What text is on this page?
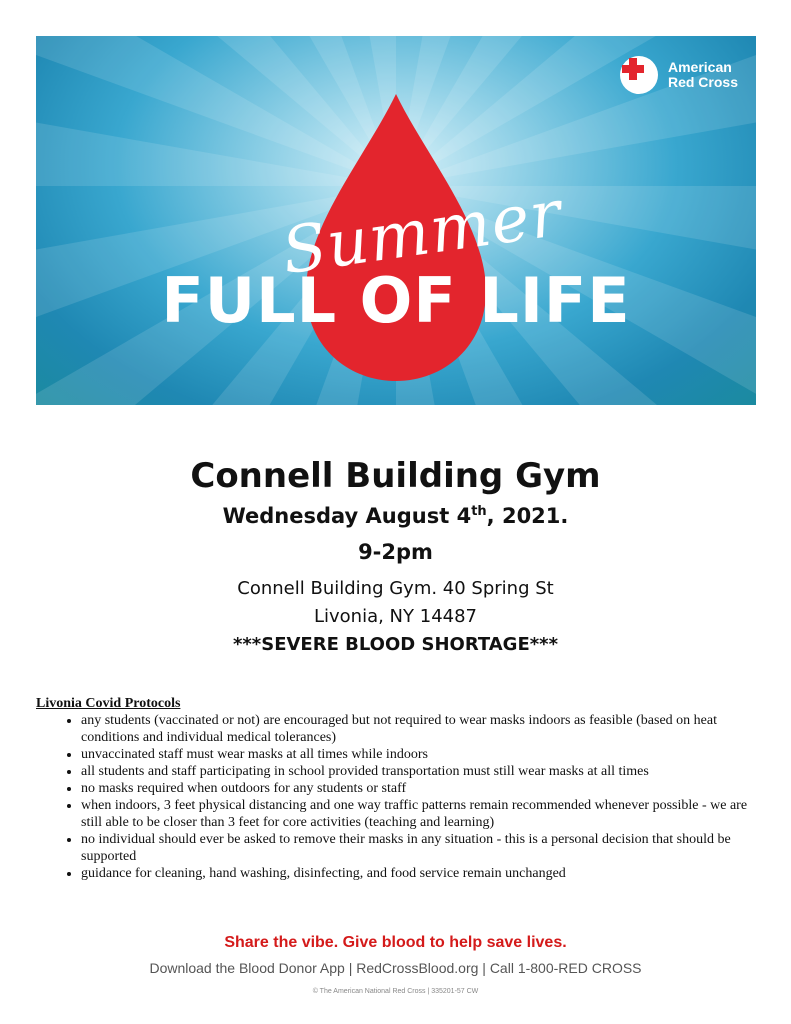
American
Red Cross
Summer
FULL OF LIFE
Connell Building Gym
Wednesday August 4th, 2021.
9-2pm
Connell Building Gym. 40 Spring St
Livonia, NY 14487
***SEVERE BLOOD SHORTAGE***
Livonia Covid Protocols
• any students (vaccinated or not) are encouraged but not required to wear masks indoors as feasible (based on heat conditions and individual medical tolerances)
• unvaccinated staff must wear masks at all times while indoors
• all students and staff participating in school provided transportation must still wear masks at all times
• no masks required when outdoors for any students or staff
• when indoors, 3 feet physical distancing and one way traffic patterns remain recommended whenever possible - we are still able to be closer than 3 feet for core activities (teaching and learning)
• no individual should ever be asked to remove their masks in any situation - this is a personal decision that should be supported
• guidance for cleaning, hand washing, disinfecting, and food service remain unchanged
Share the vibe. Give blood to help save lives.
Download the Blood Donor App | RedCrossBlood.org | Call 1-800-RED CROSS
© The American National Red Cross | 335201-57 CW
